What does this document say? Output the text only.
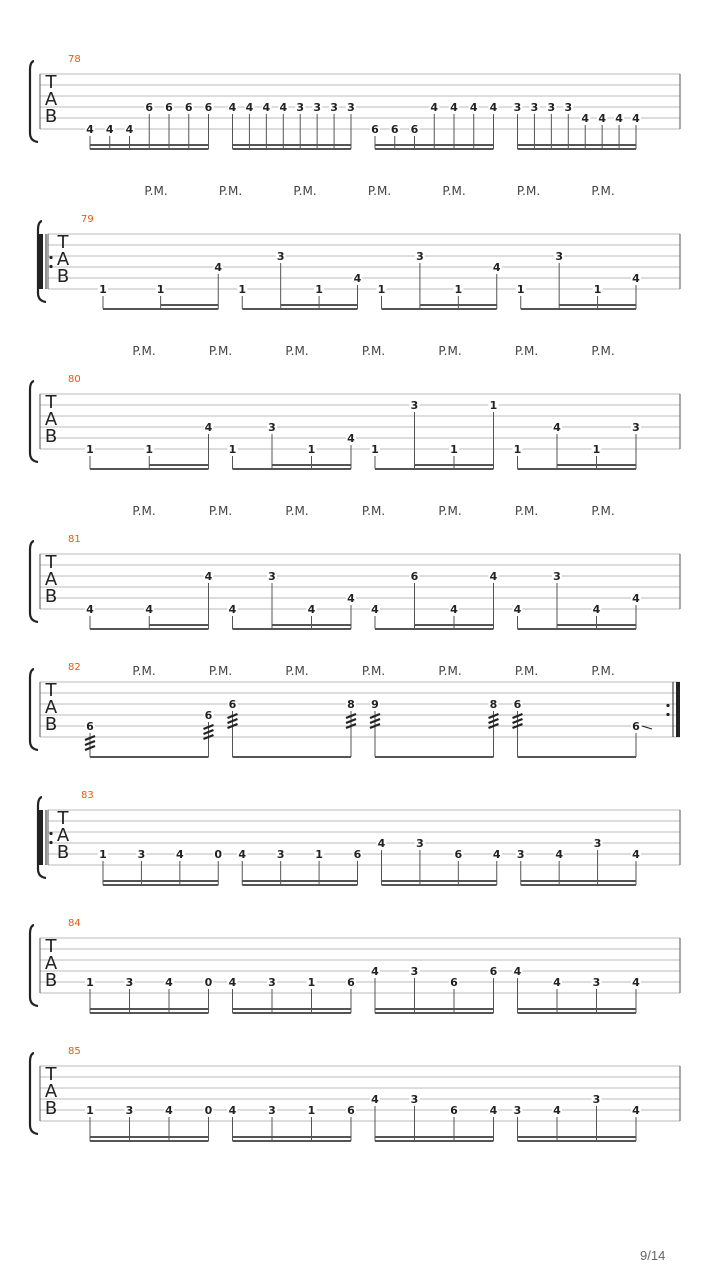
T
A
B
78
4 4 4
6 6 6 6 4 4 4 4 3 3 3 3
6 6 6
4 4 4 4 3 3 3 3
4 4 4 4
P.M.	P.M.	P.M.	P.M.	P.M.	P.M.	P.M.
T
A
B
79
1	1
4
1
3
1
4
1
3
1
4
1
3
1
4
P.M.	P.M.	P.M.	P.M.	P.M.	P.M.	P.M.
T
A
B
80
1	1
4
1
3
1
4
1
3
1
1
1
4
1
3
P.M.	P.M.	P.M.	P.M.	P.M.	P.M.	P.M.
T
A
B
81
4	4
4
4
3
4
4
4
6
4
4
4
3
4
4
P.M.	P.M.	P.M.	P.M.	P.M.	P.M.	P.M.
T
A
B
82
6
6
6	8 9	8 6
6
T
A
B
83
1	3	4	0 4	3	1	6
4	3
6	4 3	4
3
4
T
A
B
84
1	3	4	0 4	3	1	6
4	3
6
6 4
4	3	4
T
A
B
85
1	3	4	0 4	3	1	6
4	3
6	4 3	4
3
4
9/14
